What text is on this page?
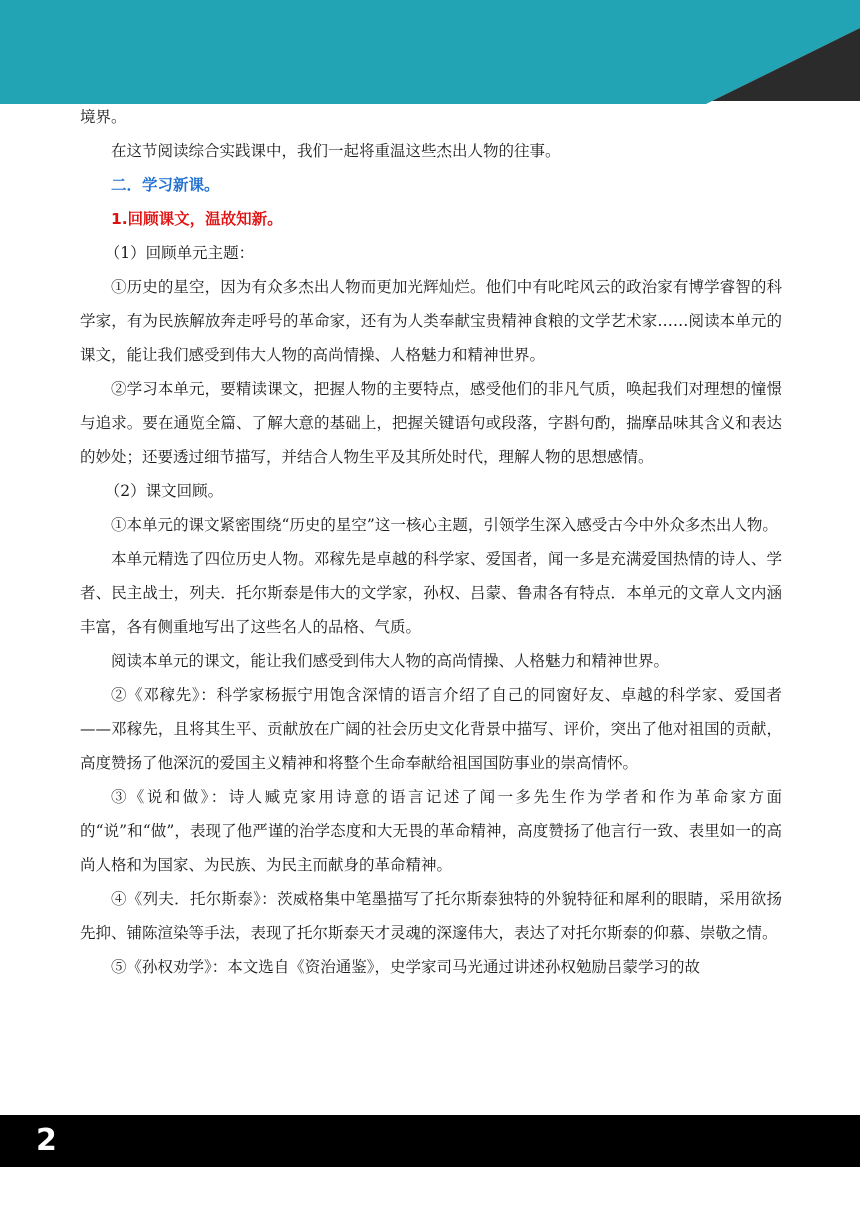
境界。

在这节阅读综合实践课中，我们一起将重温这些杰出人物的往事。

二．学习新课。

1.回顾课文，温故知新。

（1）回顾单元主题：

①历史的星空，因为有众多杰出人物而更加光辉灿烂。他们中有叱咤风云的政治家有博学睿智的科学家，有为民族解放奔走呼号的革命家，还有为人类奉献宝贵精神食粮的文学艺术家……阅读本单元的课文，能让我们感受到伟大人物的高尚情操、人格魅力和精神世界。

②学习本单元，要精读课文，把握人物的主要特点，感受他们的非凡气质，唤起我们对理想的憧憬与追求。要在通览全篇、了解大意的基础上，把握关键语句或段落，字斟句酌，揣摩品味其含义和表达的妙处；还要透过细节描写，并结合人物生平及其所处时代，理解人物的思想感情。

（2）课文回顾。

①本单元的课文紧密围绕“历史的星空”这一核心主题，引领学生深入感受古今中外众多杰出人物。

本单元精选了四位历史人物。邓稼先是卓越的科学家、爱国者，闻一多是充满爱国热情的诗人、学者、民主战士，列夫．托尔斯泰是伟大的文学家，孙权、吕蒙、鲁肃各有特点．本单元的文章人文内涵丰富，各有侧重地写出了这些名人的品格、气质。

阅读本单元的课文，能让我们感受到伟大人物的高尚情操、人格魅力和精神世界。

②《邓稼先》：科学家杨振宁用饱含深情的语言介绍了自己的同窗好友、卓越的科学家、爱国者——邓稼先，且将其生平、贡献放在广阔的社会历史文化背景中描写、评价，突出了他对祖国的贡献，高度赞扬了他深沉的爱国主义精神和将整个生命奉献给祖国国防事业的崇高情怀。

③《说和做》：诗人臧克家用诗意的语言记述了闻一多先生作为学者和作为革命家方面的“说”和“做”，表现了他严谨的治学态度和大无畏的革命精神，高度赞扬了他言行一致、表里如一的高尚人格和为国家、为民族、为民主而献身的革命精神。

④《列夫．托尔斯泰》：茨威格集中笔墨描写了托尔斯泰独特的外貌特征和犀利的眼睛，采用欲扬先抑、铺陈渲染等手法，表现了托尔斯泰天才灵魂的深邃伟大，表达了对托尔斯泰的仰慕、崇敬之情。

⑤《孙权劝学》：本文选自《资治通鉴》，史学家司马光通过讲述孙权勉励吕蒙学习的故

2
